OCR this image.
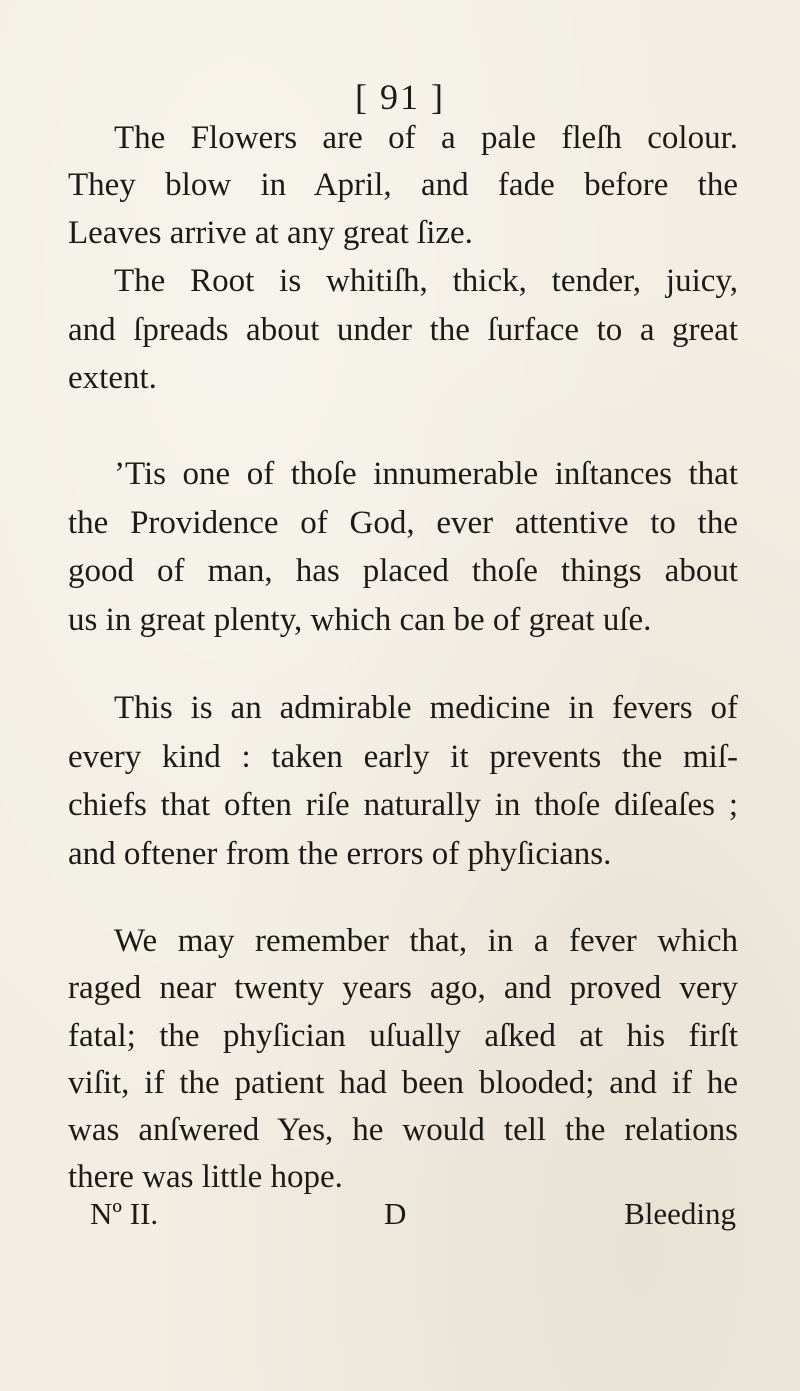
[ 91 ]
The Flowers are of a pale fleſh colour.
They blow in April, and fade before the
Leaves arrive at any great ſize.
The Root is whitiſh, thick, tender, juicy,
and ſpreads about under the ſurface to a great
extent.
’Tis one of thoſe innumerable inſtances that
the Providence of God, ever attentive to the
good of man, has placed thoſe things about
us in great plenty, which can be of great uſe.
This is an admirable medicine in fevers of
every kind : taken early it prevents the miſ-
chiefs that often riſe naturally in thoſe diſeaſes ;
and oftener from the errors of phyſicians.
We may remember that, in a fever which
raged near twenty years ago, and proved very
fatal; the phyſician uſually aſked at his firſt
viſit, if the patient had been blooded; and if he
was anſwered Yes, he would tell the relations
there was little hope.
Nº II.	D	Bleeding
